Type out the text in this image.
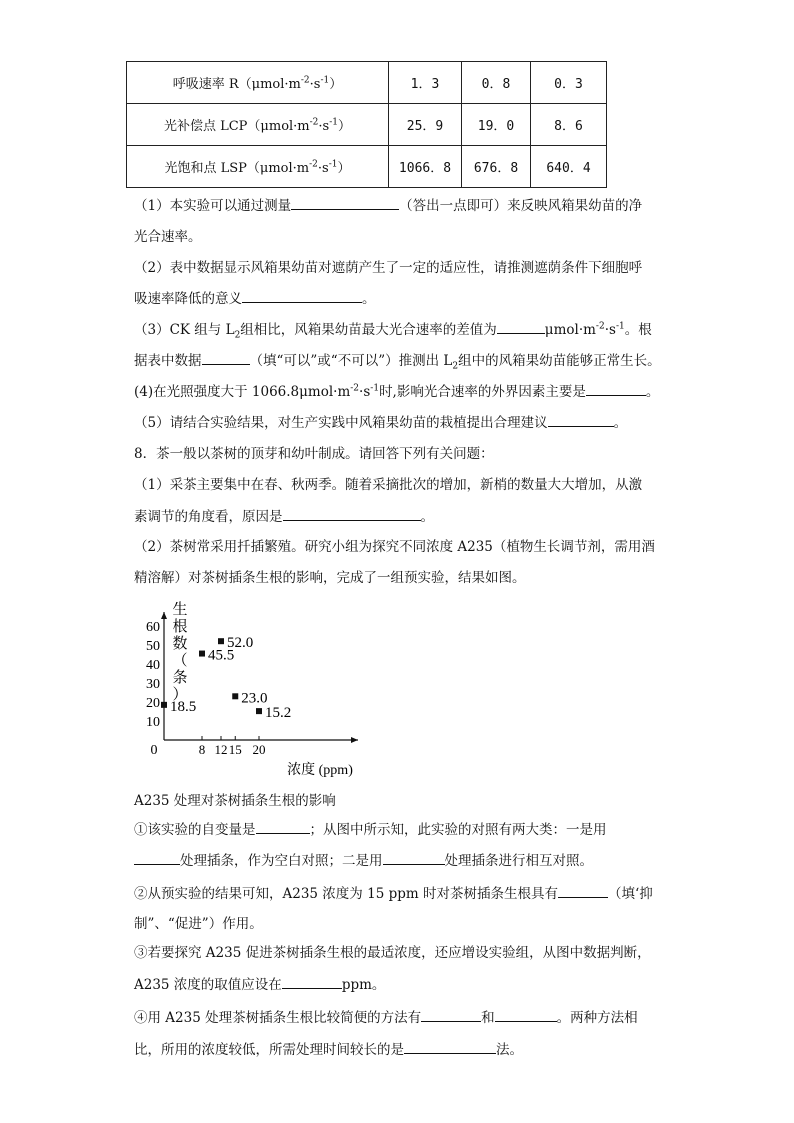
呼吸速率 $R(\mu mol\cdot m^{-2}\cdot s^{-1})$	1．3	0．8	0．3
光补偿点 $LCP(\mu mol\cdot m^{-2}\cdot s^{-1})$	25．9	19．0	8．6
光饱和点 $LSP(\mu mol\cdot m^{-2}\cdot s^{-1})$	1066．8	676．8	640．4
（1）本实验可以通过测量	（答出一点即可）来反映风箱果幼苗的净
光合速率。
（2）表中数据显示风箱果幼苗对遮荫产生了一定的适应性，请推测遮荫条件下细胞呼
吸速率降低的意义	。
（3）CK 组与 $L_2$组相比，风箱果幼苗最大光合速率的差值为	$\mu mol\cdot m^{-2}\cdot s^{-1}$。根
据表中数据	（填“可以”或“不可以”）推测出 $L_2$组中的风箱果幼苗能够正常生长。
(4)在光照强度大于 $1066.8\mu mol\cdot m^{-2}\cdot s^{-1}$时,影响光合速率的外界因素主要是	。
（5）请结合实验结果，对生产实践中风箱果幼苗的栽植提出合理建议	。
8．茶一般以茶树的顶芽和幼叶制成。请回答下列有关问题：
（1）采茶主要集中在春、秋两季。随着采摘批次的增加，新梢的数量大大增加，从激
素调节的角度看，原因是	。
（2）茶树常采用扦插繁殖。研究小组为探究不同浓度 A235（植物生长调节剂，需用酒
精溶解）对茶树插条生根的影响，完成了一组预实验，结果如图。
10
20
30
40
50
60
8 12 15 20
18.5
45.5
52.0
23.0
15.2
生
根
数
（
条
）
0
浓度 (ppm)
A235 处理对茶树插条生根的影响
①该实验的自变量是	；从图中所示知，此实验的对照有两大类：一是用
处理插条，作为空白对照；二是用	处理插条进行相互对照。
②从预实验的结果可知，A235 浓度为 15 ppm 时对茶树插条生根具有	（填‘抑
制”、“促进”）作用。
③若要探究 A235 促进茶树插条生根的最适浓度，还应增设实验组，从图中数据判断，
A235 浓度的取值应设在	ppm。
④用 A235 处理茶树插条生根比较简便的方法有	和	。两种方法相
比，所用的浓度较低，所需处理时间较长的是	法。
